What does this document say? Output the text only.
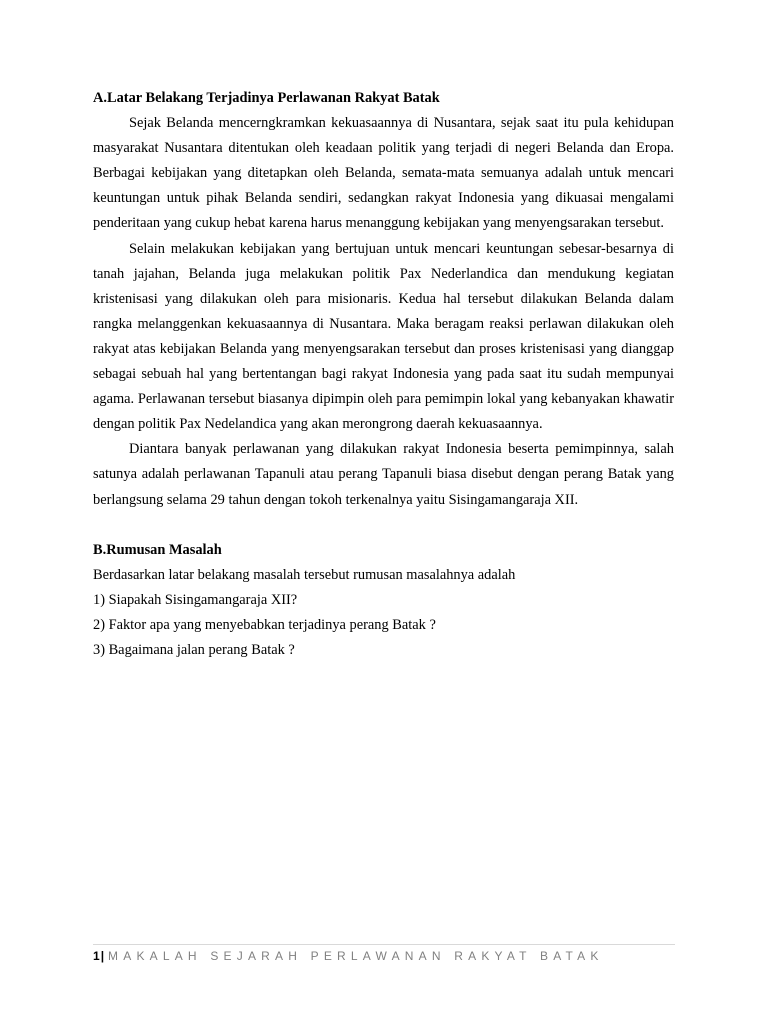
A.Latar Belakang Terjadinya Perlawanan Rakyat Batak

Sejak Belanda mencerngkramkan kekuasaannya di Nusantara, sejak saat itu pula kehidupan masyarakat Nusantara ditentukan oleh keadaan politik yang terjadi di negeri Belanda dan Eropa. Berbagai kebijakan yang ditetapkan oleh Belanda, semata-mata semuanya adalah untuk mencari keuntungan untuk pihak Belanda sendiri, sedangkan rakyat Indonesia yang dikuasai mengalami penderitaan yang cukup hebat karena harus menanggung kebijakan yang menyengsarakan tersebut.

Selain melakukan kebijakan yang bertujuan untuk mencari keuntungan sebesar-besarnya di tanah jajahan, Belanda juga melakukan politik Pax Nederlandica dan mendukung kegiatan kristenisasi yang dilakukan oleh para misionaris. Kedua hal tersebut dilakukan Belanda dalam rangka melanggenkan kekuasaannya di Nusantara. Maka beragam reaksi perlawan dilakukan oleh rakyat atas kebijakan Belanda yang menyengsarakan tersebut dan proses kristenisasi yang dianggap sebagai sebuah hal yang bertentangan bagi rakyat Indonesia yang pada saat itu sudah mempunyai agama. Perlawanan tersebut biasanya dipimpin oleh para pemimpin lokal yang kebanyakan khawatir dengan politik Pax Nedelandica yang akan merongrong daerah kekuasaannya.

Diantara banyak perlawanan yang dilakukan rakyat Indonesia beserta pemimpinnya, salah satunya adalah perlawanan Tapanuli atau perang Tapanuli biasa disebut dengan perang Batak yang berlangsung selama 29 tahun dengan tokoh terkenalnya yaitu Sisingamangaraja XII.

B.Rumusan Masalah

Berdasarkan latar belakang masalah tersebut rumusan masalahnya adalah

1) Siapakah Sisingamangaraja XII?

2) Faktor apa yang menyebabkan terjadinya perang Batak ?

3) Bagaimana jalan perang Batak ?

1| MAKALAH SEJARAH PERLAWANAN RAKYAT BATAK
